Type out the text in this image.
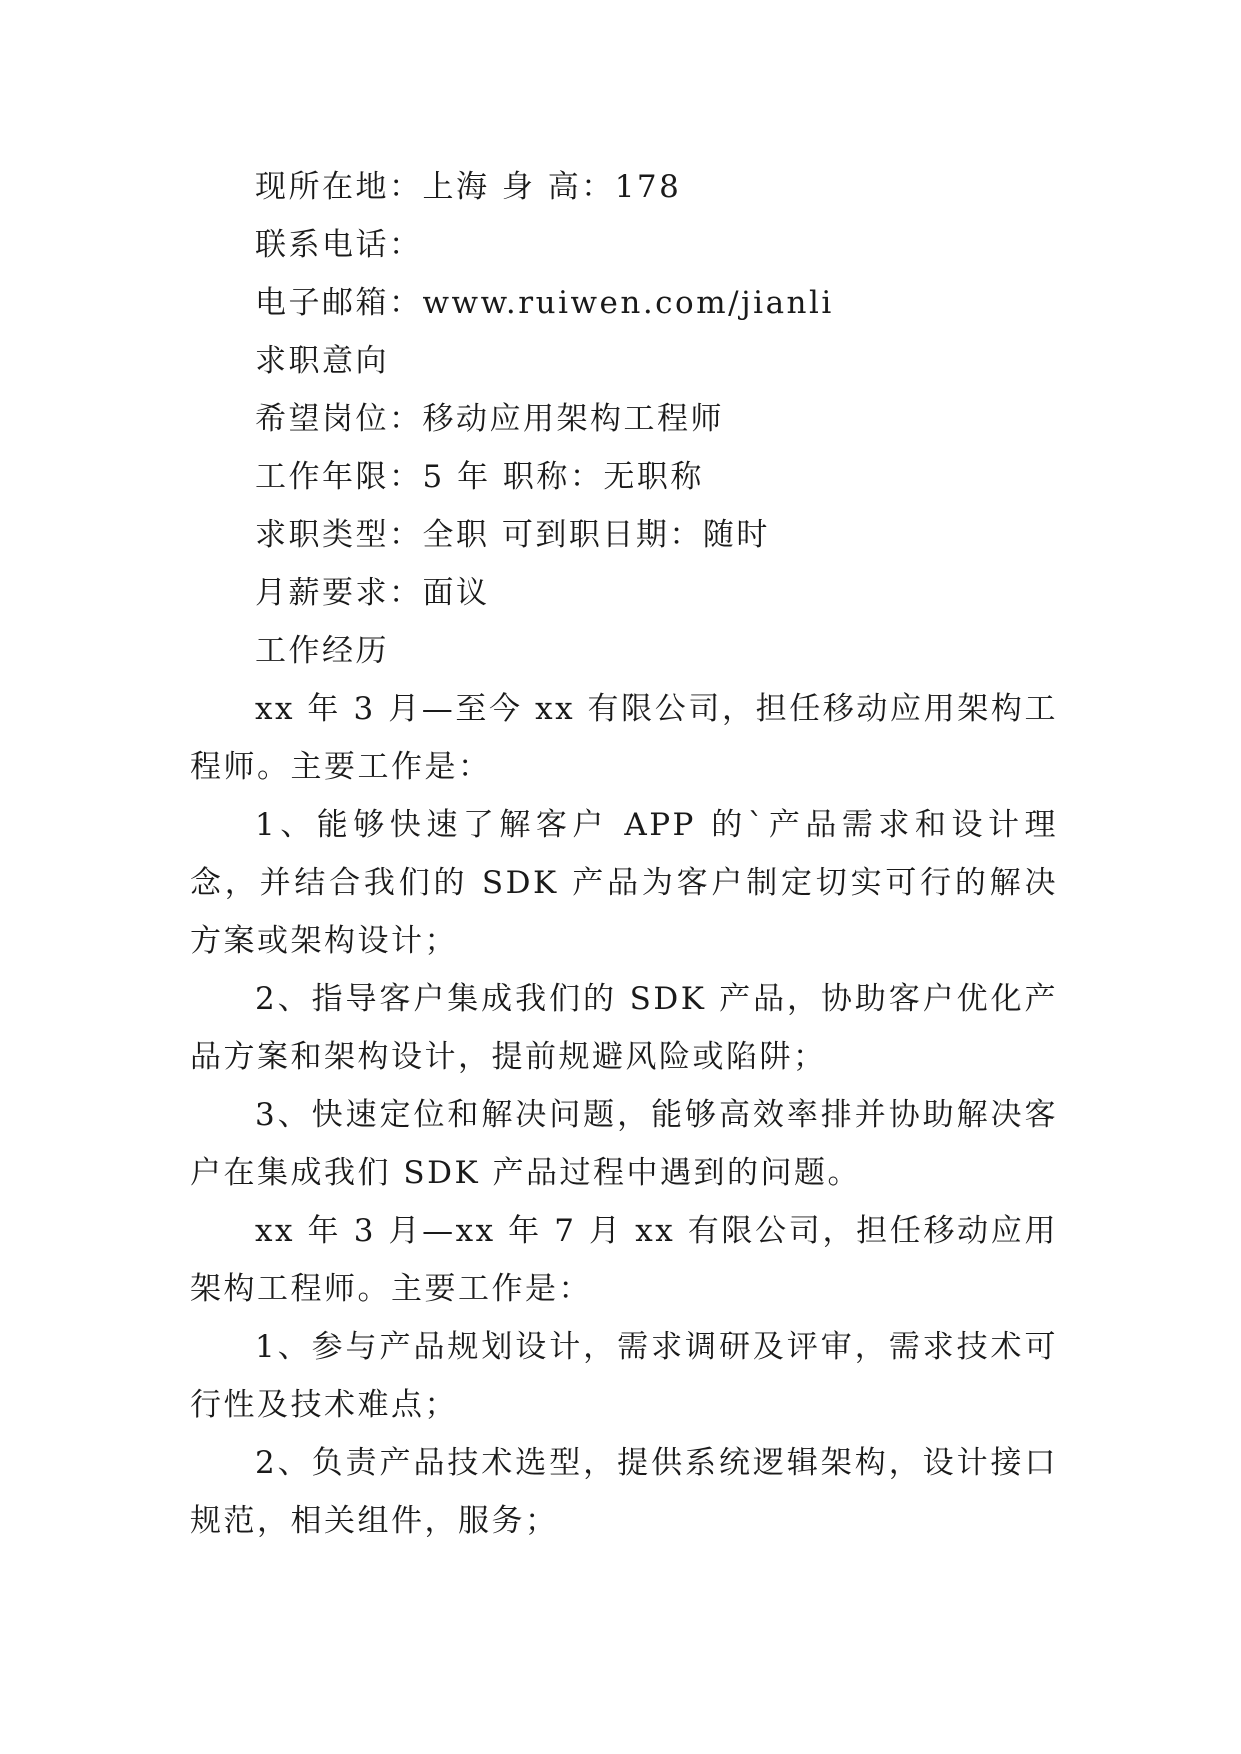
现所在地：上海 身 高：178

联系电话：

电子邮箱：www.ruiwen.com/jianli

求职意向

希望岗位：移动应用架构工程师

工作年限：5 年 职称：无职称

求职类型：全职 可到职日期：随时

月薪要求：面议

工作经历

xx 年 3 月—至今 xx 有限公司，担任移动应用架构工程师。主要工作是：

1、能够快速了解客户 APP 的`产品需求和设计理念，并结合我们的 SDK 产品为客户制定切实可行的解决方案或架构设计；

2、指导客户集成我们的 SDK 产品，协助客户优化产品方案和架构设计，提前规避风险或陷阱；

3、快速定位和解决问题，能够高效率排并协助解决客户在集成我们 SDK 产品过程中遇到的问题。

xx 年 3 月—xx 年 7 月 xx 有限公司，担任移动应用架构工程师。主要工作是：

1、参与产品规划设计，需求调研及评审，需求技术可行性及技术难点；

2、负责产品技术选型，提供系统逻辑架构，设计接口规范，相关组件，服务；
